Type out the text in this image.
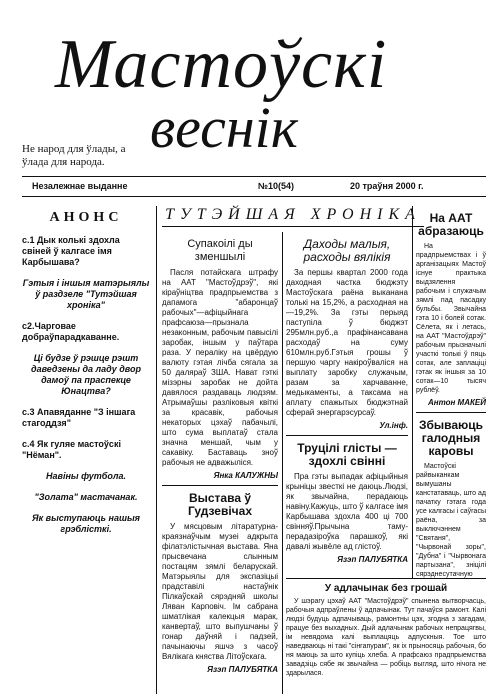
Мастоўскі
веснік
Не народ для ўлады, а ўлада для народа.
Незалежнае выданне	№10(54)	20 траўня 2000 г.
АНОНС
с.1 Дык колькі здохла свіней ў калгасе імя Карбышава?
Гэтыя і іншыя матэрыялы ў раздзеле "Тутэйшая хроніка"
с2.Чарговае добраўпарадкаванне.
Ці будзе ў рэшце рэшт даведзены да ладу двор дамоў па праспекце Юнацтва?
с.3 Апавяданне "З іншага стагоддзя"
с.4 Як гуляе мастоўскі "Нёман".
Навіны футбола.
"Золата" мастачанак.
Як выступаюць нашыя грэблісткі.
ТУТЭЙШАЯ ХРОНІКА
Супакоілі ды зменшылі
Пасля потайскага штрафу на ААТ "Мастоўдрэў", які кіраўніцтва прадпрыемства з дапамога "абаронцаў рабочых"—афіцыйнага прафсаюза—прызнала незаконным, рабочым павысілі заробак, іншым у паўтара раза. У пераліку на цвёрдую валюту гэтая лічба сягала за 50 даляраў ЗША. Нават гэткі мізэрны заробак не дойта давялося раздаваць людзям. Атрымаўшы разліковыя квіткі за красавік, рабочыя некаторых цэхаў пабачылі, што сума выплатаў стала значна меншай, чым у сакавіку. Баставаць зноў рабочыя не адважыліся.
Янка КАЛУЖНЫ
Выстава ў Гудзевічах
У мясцовым літаратурна-краязнаўчым музеі адкрыта філатэлістычная выстава. Яна прысвечана слынным постацям зямлі беларускай. Матэрыялы для экспазіцыі прадставілі настаўнік Пілкаўскай сярэдняй школы Ляван Карповіч. Ім сабрана шматлікая калекцыя марак, канвертаў, што выпушчаны ў гонар даўняй і падзей, пачынаючы яшчэ з часоў Вялікага княства Літоўскага.
Язэп ПАЛУБЯТКА
Даходы малыя, расходы вялікія
За першы квартал 2000 года даходная частка бюджэту Мастоўскага раёна выканана толькі на 15,2%, а расходная на—19,2%. За гэты перыяд паступіла ў бюджэт 295млн.руб.,а прафінансавана расходаў на суму 610млн.руб.Гэтыя грошы ў першую чаргу накіроўваліся на выплату заробку служачым, разам за харчаванне, медыкаменты, а таксама на аплату спажытых бюджэтнай сферай энергарэсурсаў.
Ул.інф.
Труцілі глісты — здохлі свінні
Пра гэты выпадак афіцыйныя крыніцы звесткі не даюць.Людзі, як звычайна, перадаюць навіну.Кажуць, што ў калгасе імя Карбышава здохла 400 ці 700 свінняў.Прычына таму-перадазіроўка парашкоў, які давалі жывёле ад глістоў.
Язэп ПАЛУБЯТКА
На ААТ абразаюць
На прадпрыемствах і ў арганізацыях Мастоў існуе практыка выдзялення рабочым і служачым зямлі пад пасадку бульбы. Звычайна гэта 10 і болей сотак. Сёлета, як і летась, на ААТ "Мастоўдрэў" рабочым прызначылі участкі толькі ў пяць сотак, але заплаціці гэтак як іншыя за 10 сотак—10 тысяч рублёў.
Антон МАКЕЙ
Збываюць галодныя каровы
Мастоўскі райвыканкам вымушаны канстатаваць, што ад пачатку гэтага года усе калгасы і саўгасы раёна, за выключэннем "Святаня", "Чырвонай зоры", "Дубна" і "Чырвонага партызана", зніцілі сярэднесутачную
У адлачынак без грошай
У шэрагу цэхаў ААТ "Мастоўдрэў" спынена вытворчасць, рабочыя адпраўлены ў адпачынак. Тут пачаўся рамонт. Калі людзі будуць адпачываць, рамонтны цэх, згодна з загадам, працуе без выхадных. Дый адлачынак рабочых непрацягвы, ім невядома калі выплацяць адпускныя. Тое што наведваюць ні такі "сінгапурам", як іх прыносяць рабочыя, бо ня маюць за што купіць хлеба. А прафсаюз прадпрыемства завадзіць сябе як звычайна — робіць выгляд, што нічога не здарылася.
